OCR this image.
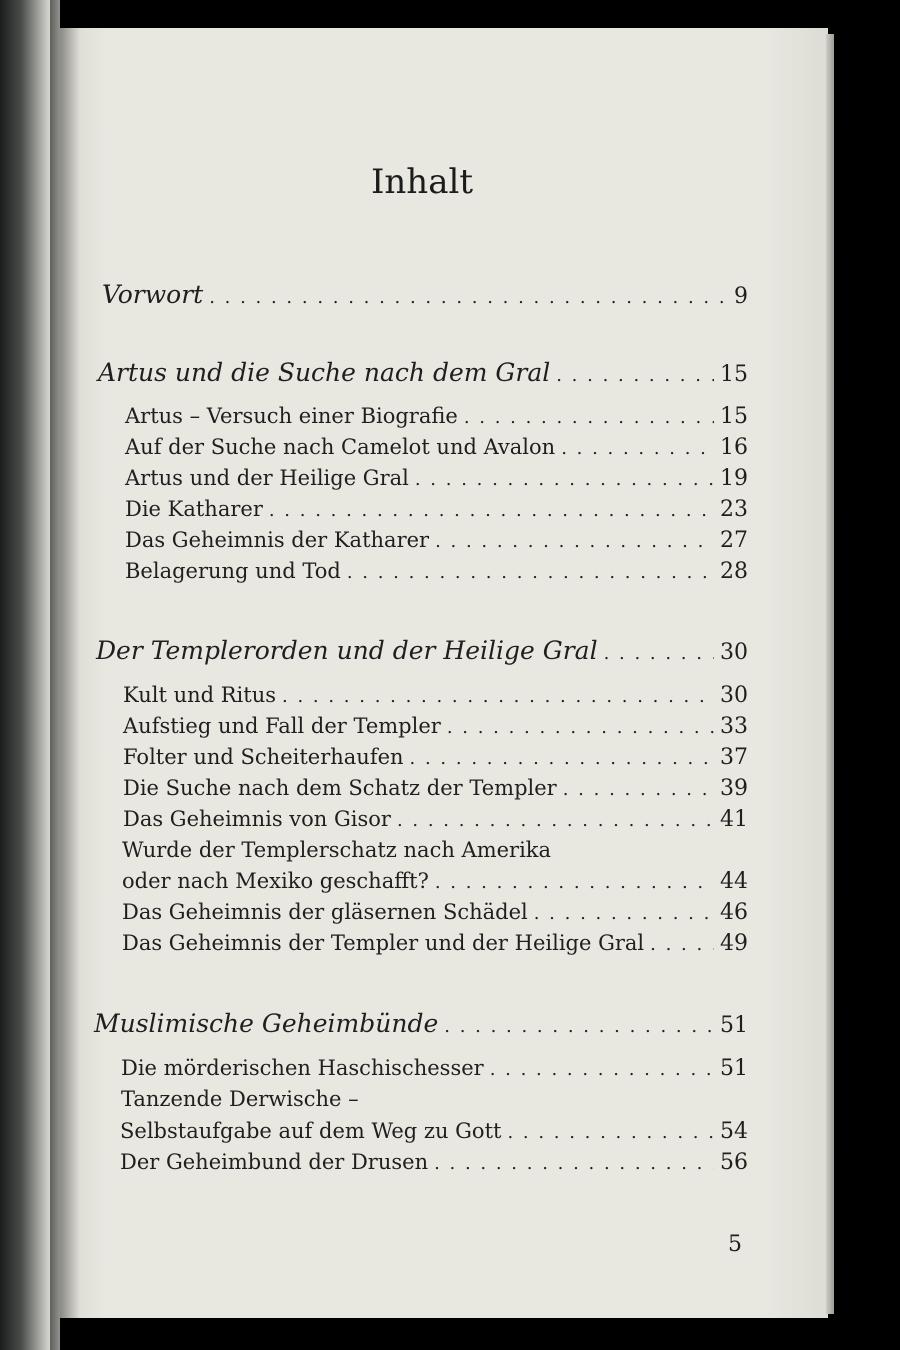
Inhalt
Vorwort . . .	9
Artus und die Suche nach dem Gral . . .	15
Artus – Versuch einer Biografie . . .	15
Auf der Suche nach Camelot und Avalon . . .	16
Artus und der Heilige Gral . . .	19
Die Katharer . . .	23
Das Geheimnis der Katharer . . .	27
Belagerung und Tod . . .	28
Der Templerorden und der Heilige Gral . . .	30
Kult und Ritus . . .	30
Aufstieg und Fall der Templer . . .	33
Folter und Scheiterhaufen . . .	37
Die Suche nach dem Schatz der Templer . . .	39
Das Geheimnis von Gisor . . .	41
Wurde der Templerschatz nach Amerika
oder nach Mexiko geschafft? . . .	44
Das Geheimnis der gläsernen Schädel . . .	46
Das Geheimnis der Templer und der Heilige Gral . . .	49
Muslimische Geheimbünde . . .	51
Die mörderischen Haschischesser . . .	51
Tanzende Derwische –
Selbstaufgabe auf dem Weg zu Gott . . .	54
Der Geheimbund der Drusen . . .	56
5
